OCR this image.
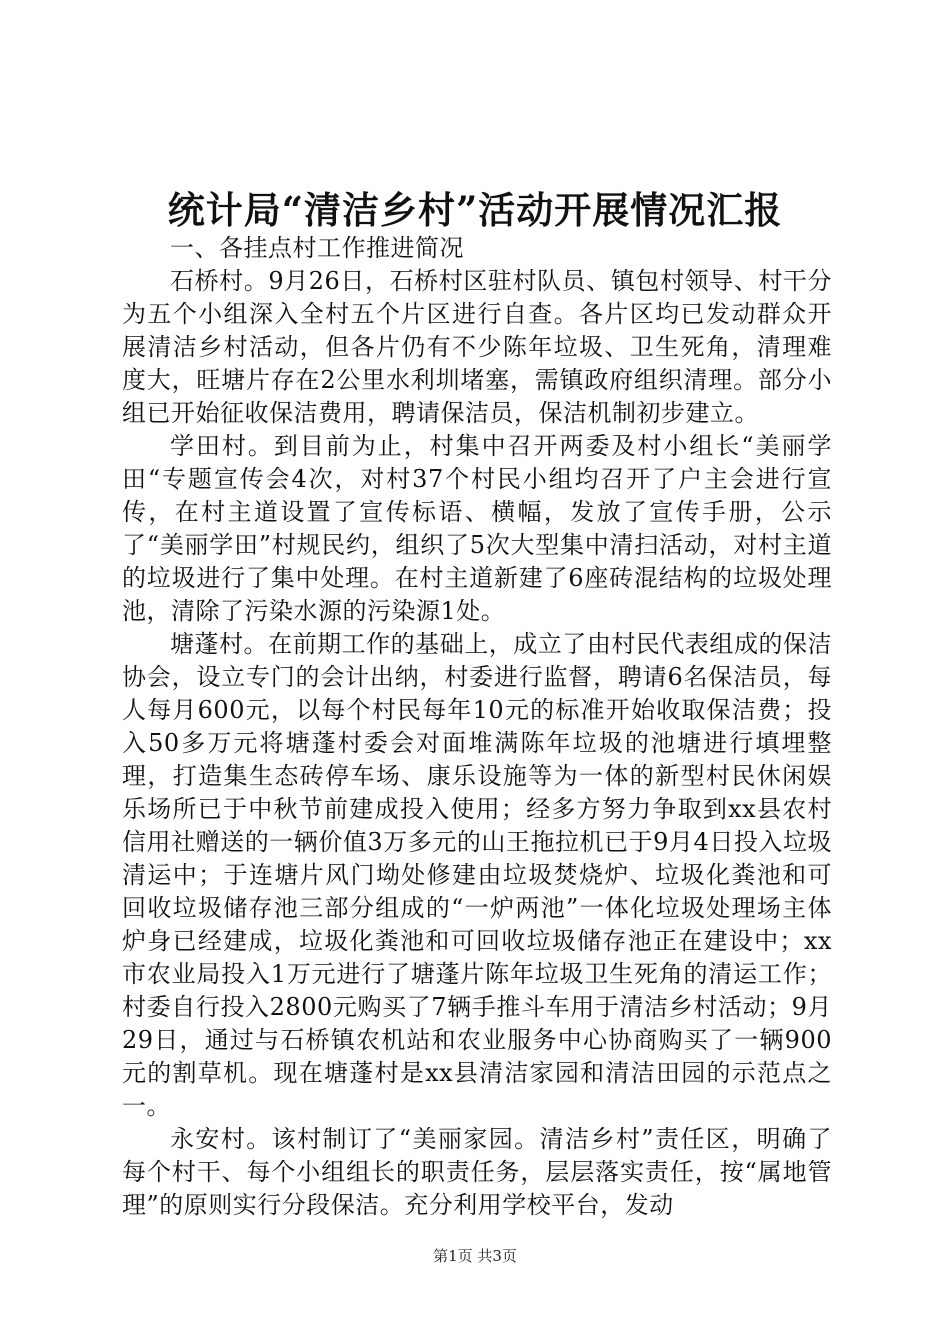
统计局“清洁乡村”活动开展情况汇报

一、各挂点村工作推进简况

石桥村。9月26日，石桥村区驻村队员、镇包村领导、村干分为五个小组深入全村五个片区进行自查。各片区均已发动群众开展清洁乡村活动，但各片仍有不少陈年垃圾、卫生死角，清理难度大，旺塘片存在2公里水利圳堵塞，需镇政府组织清理。部分小组已开始征收保洁费用，聘请保洁员，保洁机制初步建立。

学田村。到目前为止，村集中召开两委及村小组长“美丽学田“专题宣传会4次，对村37个村民小组均召开了户主会进行宣传，在村主道设置了宣传标语、横幅，发放了宣传手册，公示了“美丽学田”村规民约，组织了5次大型集中清扫活动，对村主道的垃圾进行了集中处理。在村主道新建了6座砖混结构的垃圾处理池，清除了污染水源的污染源1处。

塘蓬村。在前期工作的基础上，成立了由村民代表组成的保洁协会，设立专门的会计出纳，村委进行监督，聘请6名保洁员，每人每月600元，以每个村民每年10元的标准开始收取保洁费；投入50多万元将塘蓬村委会对面堆满陈年垃圾的池塘进行填埋整理，打造集生态砖停车场、康乐设施等为一体的新型村民休闲娱乐场所已于中秋节前建成投入使用；经多方努力争取到xx县农村信用社赠送的一辆价值3万多元的山王拖拉机已于9月4日投入垃圾清运中；于连塘片风门坳处修建由垃圾焚烧炉、垃圾化粪池和可回收垃圾储存池三部分组成的“一炉两池”一体化垃圾处理场主体炉身已经建成，垃圾化粪池和可回收垃圾储存池正在建设中；xx市农业局投入1万元进行了塘蓬片陈年垃圾卫生死角的清运工作；村委自行投入2800元购买了7辆手推斗车用于清洁乡村活动；9月29日，通过与石桥镇农机站和农业服务中心协商购买了一辆900元的割草机。现在塘蓬村是xx县清洁家园和清洁田园的示范点之一。

永安村。该村制订了“美丽家园。清洁乡村”责任区，明确了每个村干、每个小组组长的职责任务，层层落实责任，按“属地管理”的原则实行分段保洁。充分利用学校平台，发动

第1页 共3页
